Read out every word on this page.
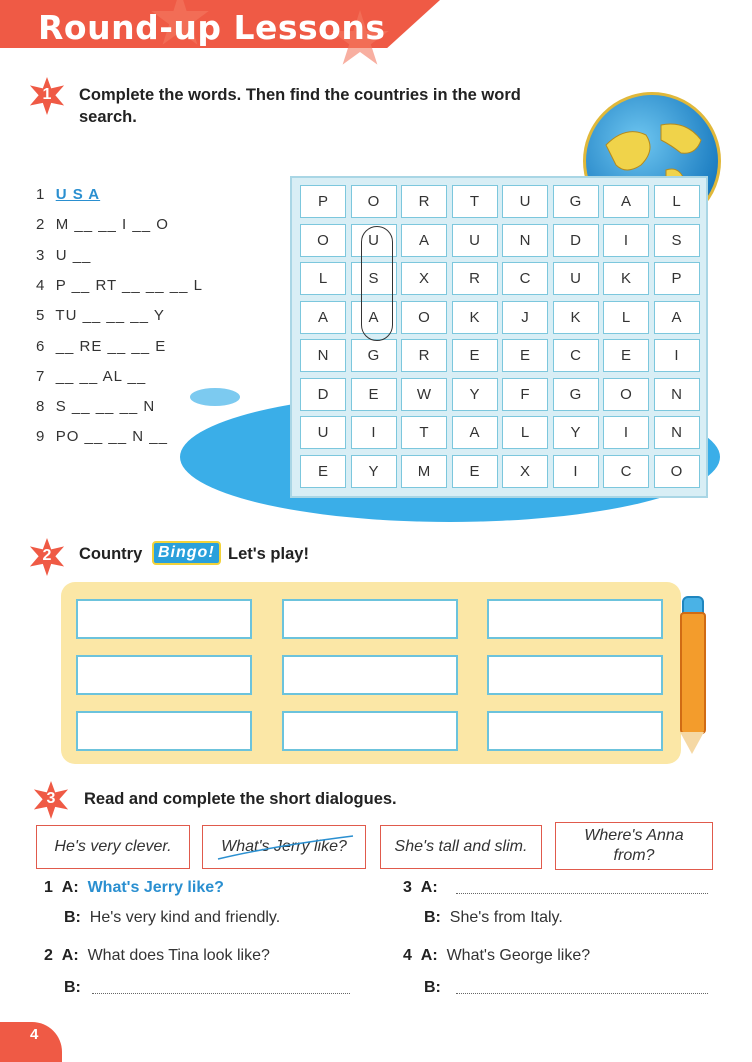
Round-up Lessons
1	Complete the words. Then find the countries in the word search.
1 U S A
2 M __ __ I __ O
3 U __
4 P __ RT __ __ __ L
5 TU __ __ __ Y
6 __ RE __ __ E
7 __ __ AL __
8 S __ __ __ N
9 PO __ __ N __
P	O	R	T	U	G	A	L
O	U	A	U	N	D	I	S
L	S	X	R	C	U	K	P
A	A	O	K	J	K	L	A
N	G	R	E	E	C	E	I
D	E	W	Y	F	G	O	N
U	I	T	A	L	Y	I	N
E	Y	M	E	X	I	C	O
2	Country Bingo! Let's play!
3	Read and complete the short dialogues.
He's very clever.	What's Jerry like?	She's tall and slim.
Where's Anna from?
1 A: What's Jerry like?
B: He's very kind and friendly.
2 A: What does Tina look like?
B:
3 A:
B: She's from Italy.
4 A: What's George like?
B:
4
